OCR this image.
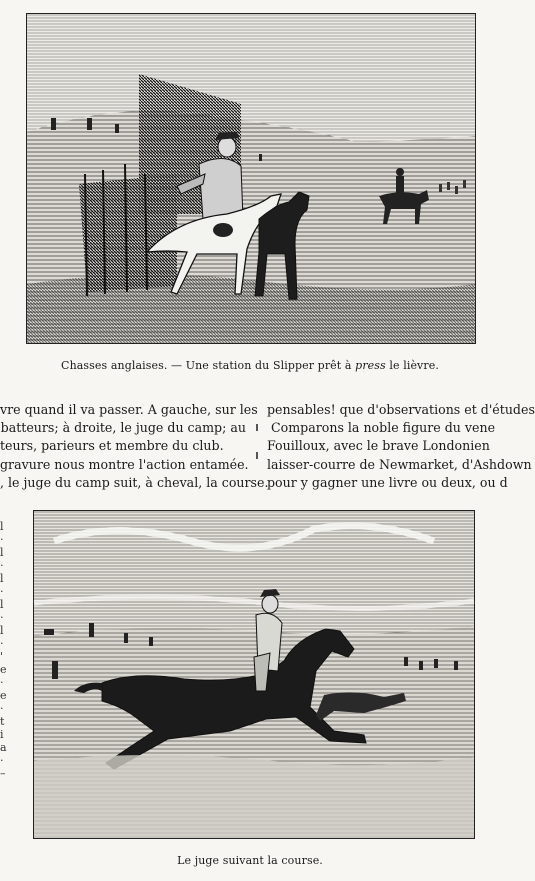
Chasses anglaises. — Une station du Slipper prêt à press le lièvre.
vre quand il va passer. A gauche, sur les
batteurs; à droite, le juge du camp; au
teurs, parieurs et membre du club.
gravure nous montre l'action entamée.
, le juge du camp suit, à cheval, la course.
pensables! que d'observations et d'études
Comparons la noble figure du vene
Fouilloux, avec le brave Londonien
laisser-courre de Newmarket, d'Ashdown
pour y gagner une livre ou deux, ou d
Le juge suivant la course.
l
·
l
·
l
·
l
·
l
·
'
e
·
e
·
t
i
a
·
–
